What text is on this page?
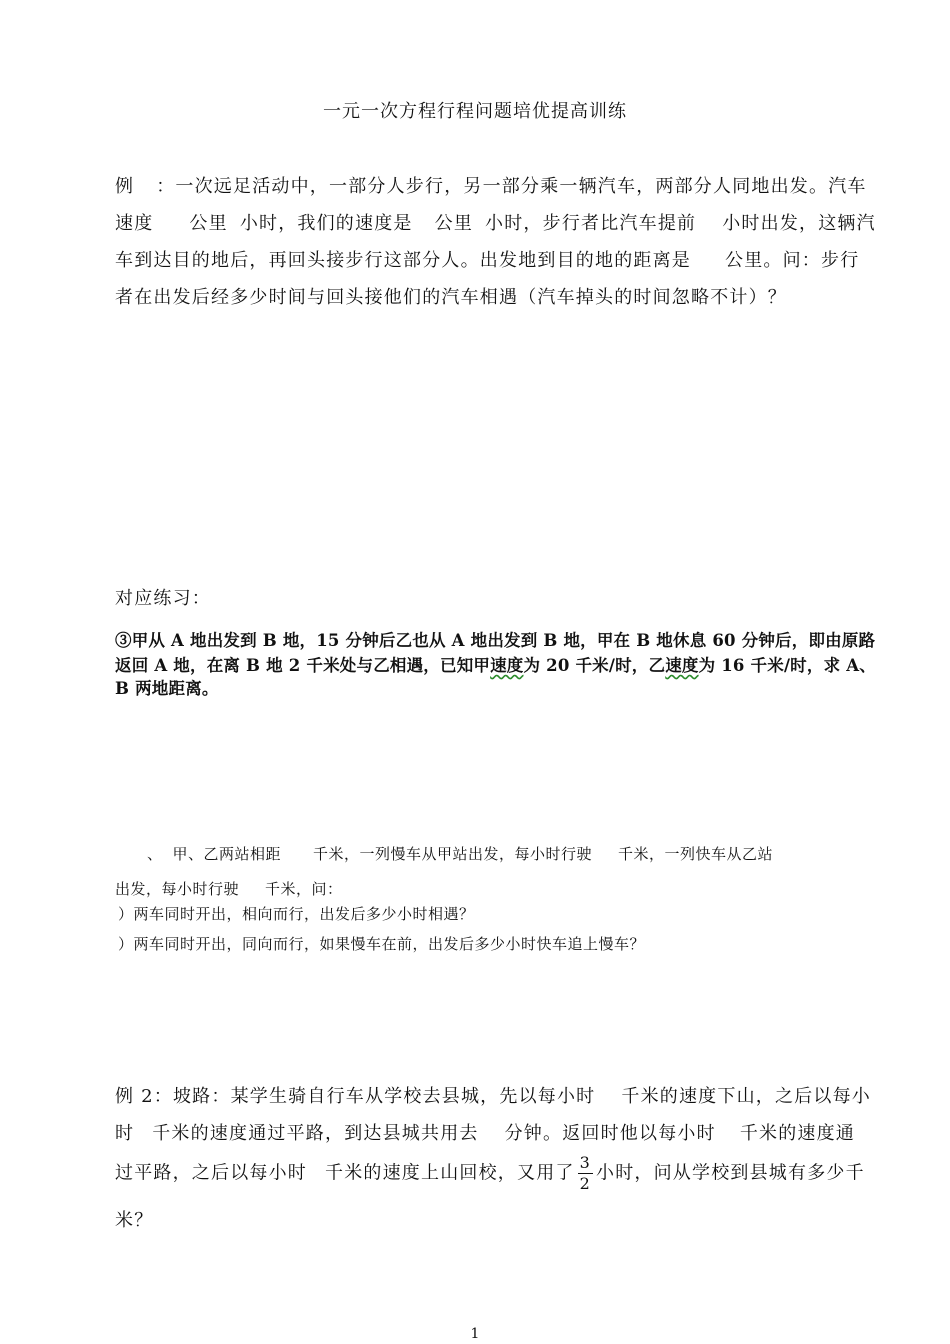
一元一次方程行程问题培优提高训练
例 ：一次远足活动中，一部分人步行，另一部分乘一辆汽车，两部分人同地出发。汽车
速度 公里 小时，我们的速度是 公里 小时，步行者比汽车提前 小时出发，这辆汽
车到达目的地后，再回头接步行这部分人。出发地到目的地的距离是 公里。问：步行
者在出发后经多少时间与回头接他们的汽车相遇（汽车掉头的时间忽略不计）？
对应练习：
③甲从 A 地出发到 B 地，15 分钟后乙也从 A 地出发到 B 地，甲在 B 地休息 60 分钟后，即由原路
返回 A 地，在离 B 地 2 千米处与乙相遇，已知甲速度为 20 千米/时，乙速度为 16 千米/时，求 A、
B 两地距离。
、 甲、乙两站相距 千米，一列慢车从甲站出发，每小时行驶 千米，一列快车从乙站
出发，每小时行驶 千米，问：
）两车同时开出，相向而行，出发后多少小时相遇？
）两车同时开出，同向而行，如果慢车在前，出发后多少小时快车追上慢车？
例 2：坡路：某学生骑自行车从学校去县城，先以每小时 千米的速度下山，之后以每小
时 千米的速度通过平路，到达县城共用去 分钟。返回时他以每小时 千米的速度通
过平路，之后以每小时 千米的速度上山回校，又用了 $\frac{3}{2}$ 小时，问从学校到县城有多少千
米？
1
